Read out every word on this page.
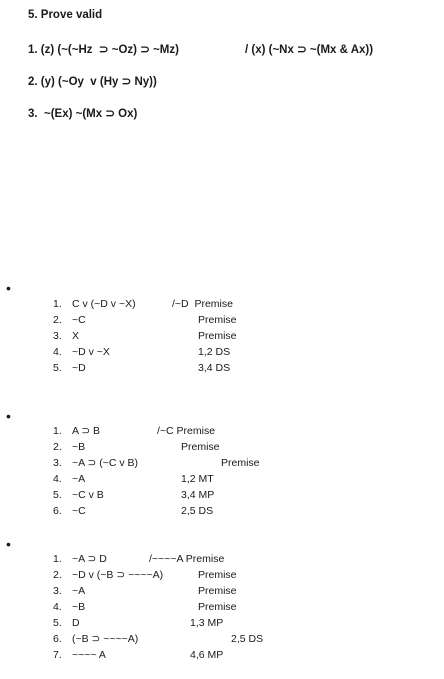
5. Prove valid
1. (z) (~(~Hz  ⊃ ~Oz) ⊃ ~Mz)	/ (x) (~Nx ⊃ ~(Mx & Ax))
2. (y) (~Oy  v (Hy ⊃ Ny))
3.  ~(Ex) ~(Mx ⊃ Ox)
•
1. C v (~D v ~X)	/~D  Premise
2. ~C	Premise
3. X	Premise
4. ~D v ~X	1,2 DS
5. ~D	3,4 DS
•
1. A ⊃ B	/~C Premise
2. ~B	Premise
3. ~A ⊃ (~C v B)	Premise
4. ~A	1,2 MT
5. ~C v B	3,4 MP
6. ~C	2,5 DS
•
1. ~A ⊃ D	/~~~~A Premise
2. ~D v (~B ⊃ ~~~~A)	Premise
3. ~A	Premise
4. ~B	Premise
5. D	1,3 MP
6. (~B ⊃ ~~~~A)	2,5 DS
7. ~~~~ A	4,6 MP
